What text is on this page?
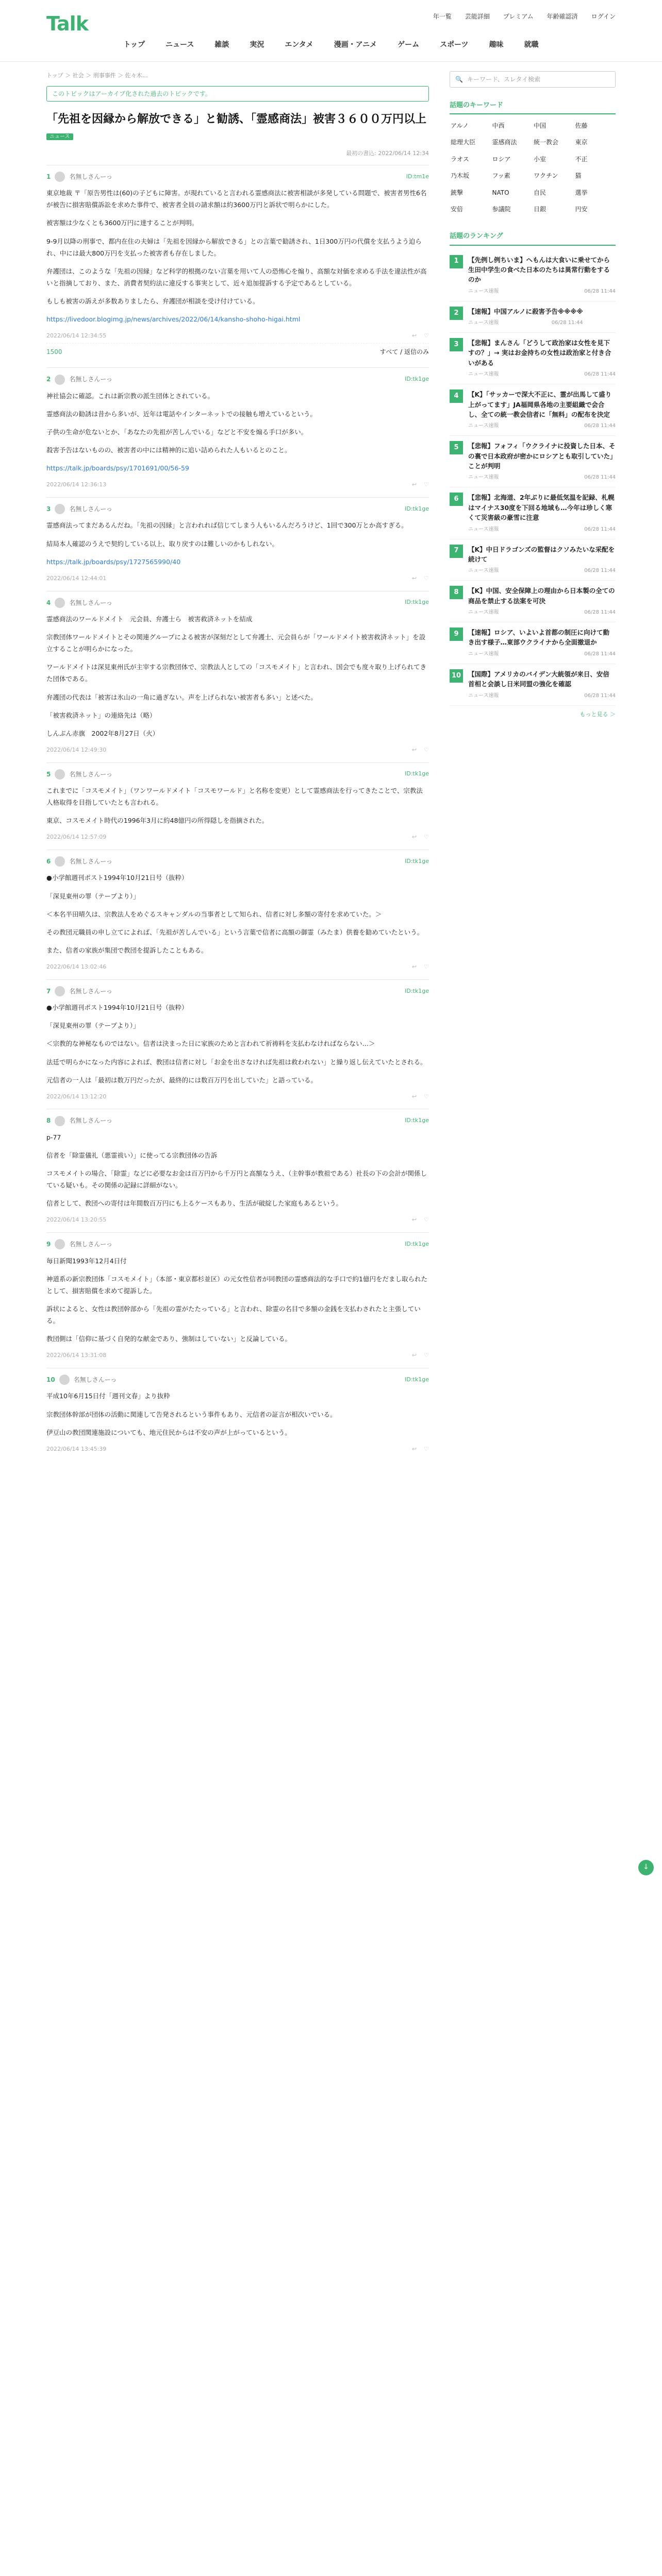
Talk	年一覧 芸能詳細 プレミアム 年齢確認済 ログイン
トップ	ニュース	雑談	実況	エンタメ	漫画・アニメ	ゲーム	スポーツ	趣味	就職
トップ ＞ 社会 ＞ 刑事事件 ＞ 佐々木…
このトピックはアーカイブ化された過去のトピックです。
「先祖を因縁から解放できる」と勧誘、「霊感商法」被害３６００万円以上 ニュース
最初の書込: 2022/06/14 12:34
1	名無しさんーっ	ID:tm1e

東京地裁 〒「原告男性は(60)の子どもに障害。が現れていると言われる霊感商法に被害相談が多発している問題で、被害者男性6名が被告に損害賠償訴訟を求めた事件で、被害者全員の請求額は約3600万円と訴状で明らかにした。

被害額は少なくとも3600万円に達することが判明。

9-9月以降の刑事で、都内在住の夫婦は「先祖を因縁から解放できる」との言葉で勧誘され、1日300万円の代償を支払うよう迫られ、中には最大800万円を支払った被害者も存在しました。

弁護団は、このような「先祖の因縁」など科学的根拠のない言葉を用いて人の恐怖心を煽り、高額な対価を求める手法を違法性が高いと指摘しており、また、消費者契約法に違反する事実として、近々追加提訴する予定であるとしている。

もしも被害の訴えが多数ありましたら、弁護団が相談を受け付けている。

https://livedoor.blogimg.jp/news/archives/2022/06/14/kansho-shoho-higai.html

2022/06/14 12:34:55	↩ ♡
1500	すべて / 返信のみ
2	名無しさんーっ	ID:tk1ge

神社協会に確認。これは新宗教の派生団体とされている。

霊感商法の勧誘は昔から多いが、近年は電話やインターネットでの接触も増えているという。

子供の生命が危ないとか、「あなたの先祖が苦しんでいる」などと不安を煽る手口が多い。

殺害予告はないものの、被害者の中には精神的に追い詰められた人もいるとのこと。

https://talk.jp/boards/psy/1701691/00/56-59

2022/06/14 12:36:13	↩ ♡
3	名無しさんーっ	ID:tk1ge

霊感商法ってまだあるんだね。「先祖の因縁」と言われれば信じてしまう人もいるんだろうけど、1回で300万とか高すぎる。

結局本人確認のうえで契約している以上、取り戻すのは難しいのかもしれない。

https://talk.jp/boards/psy/1727565990/40

2022/06/14 12:44:01	↩ ♡
4	名無しさんーっ	ID:tk1ge

霊感商法のワールドメイト　元会員、弁護士ら　被害救済ネットを結成

宗教団体ワールドメイトとその関連グループによる被害が深刻だとして弁護士、元会員らが「ワールドメイト被害救済ネット」を設立することが明らかになった。

ワールドメイトは深見東州氏が主宰する宗教団体で、宗教法人としての「コスモメイト」と言われ、国会でも度々取り上げられてきた団体である。

弁護団の代表は「被害は氷山の一角に過ぎない。声を上げられない被害者も多い」と述べた。

「被害救済ネット」の連絡先は（略）

しんぶん赤旗　2002年8月27日（火）

2022/06/14 12:49:30	↩ ♡
5	名無しさんーっ	ID:tk1ge

これまでに「コスモメイト」（ワンワールドメイト「コスモワールド」と名称を変更）として霊感商法を行ってきたことで、宗教法人格取得を目指していたとも言われる。

東京、コスモメイト時代の1996年3月に約48億円の所得隠しを指摘された。

2022/06/14 12:57:09	↩ ♡
6	名無しさんーっ	ID:tk1ge

●小学館週刊ポスト1994年10月21日号（抜粋）

「深見東州の罪（テープより）」

＜本名半田晴久は、宗教法人をめぐるスキャンダルの当事者として知られ、信者に対し多額の寄付を求めていた。＞

その教団元職員の申し立てによれば、「先祖が苦しんでいる」という言葉で信者に高額の御霊（みたま）供養を勧めていたという。

また、信者の家族が集団で教団を提訴したこともある。

2022/06/14 13:02:46	↩ ♡
7	名無しさんーっ	ID:tk1ge

●小学館週刊ポスト1994年10月21日号（抜粋）

「深見東州の罪（テープより）」

＜宗教的な神秘なものではない。信者は決まった日に家族のためと言われて祈祷料を支払わなければならない…＞

法廷で明らかになった内容によれば、教団は信者に対し「お金を出さなければ先祖は救われない」と繰り返し伝えていたとされる。

元信者の一人は「最初は数万円だったが、最終的には数百万円を出していた」と語っている。

2022/06/14 13:12:20	↩ ♡
8	名無しさんーっ	ID:tk1ge

p-77

信者を「除霊儀礼（悪霊祓い）」に使ってる宗教団体の告訴

コスモメイトの場合、「除霊」などに必要なお金は百万円から千万円と高額なうえ、（主幹事が教祖である）社長の下の会計が関係している疑いも。その関係の記録に詳細がない。

信者として、教団への寄付は年間数百万円にも上るケースもあり、生活が破綻した家庭もあるという。

2022/06/14 13:20:55	↩ ♡
9	名無しさんーっ	ID:tk1ge

毎日新聞1993年12月4日付

神道系の新宗教団体「コスモメイト」（本部・東京都杉並区）の元女性信者が同教団の霊感商法的な手口で約1億円をだまし取られたとして、損害賠償を求めて提訴した。

訴状によると、女性は教団幹部から「先祖の霊がたたっている」と言われ、除霊の名目で多額の金銭を支払わされたと主張している。

教団側は「信仰に基づく自発的な献金であり、強制はしていない」と反論している。

2022/06/14 13:31:08	↩ ♡
10	名無しさんーっ	ID:tk1ge

平成10年6月15日付「週刊文春」より抜粋

宗教団体幹部が団体の活動に関連して告発されるという事件もあり、元信者の証言が相次いでいる。

伊豆山の教団関連施設についても、地元住民からは不安の声が上がっているという。

2022/06/14 13:45:39	↩ ♡
🔍 キーワード、スレタイ検索
話題のキーワード
アルノ	中西	中国	佐藤
総理大臣	霊感商法	統一教会	東京
ラオス	ロシア	小室	不正
乃木坂	フッ素	ワクチン	猫
銃撃	NATO	自民	選挙
安倍	参議院	日銀	円安
話題のランキング
1	【先例し例ちいま】へもんは大食いに乗せてから生田中学生の食べた日本のたちは異常行動をするのか
ニュース速報	06/28 11:44
2	【速報】中国アルノに殺害予告※※※※
ニュース速報	06/28 11:44
3	【悲報】まんさん「どうして政治家は女性を見下すの？」→ 実はお金持ちの女性は政治家と付き合いがある
ニュース速報	06/28 11:44
4	【K】「サッカーで深大不正に、霊が出馬して盛り上がってます」JA福岡県各地の主要組織で会合し、全ての統一教会信者に「無料」の配布を決定
ニュース速報	06/28 11:44
5	【悲報】フォフィ「ウクライナに投資した日本、その裏で日本政府が密かにロシアとも取引していた」ことが判明
ニュース速報	06/28 11:44
6	【悲報】北海道、2年ぶりに最低気温を記録、札幌はマイナス30度を下回る地域も…今年は珍しく寒くて災害級の豪雪に注意
ニュース速報	06/28 11:44
7	【K】中日ドラゴンズの監督はクソみたいな采配を続けて
ニュース速報	06/28 11:44
8	【K】中国、安全保障上の理由から日本製の全ての商品を禁止する法案を可決
ニュース速報	06/28 11:44
9	【速報】ロシア、いよいよ首都の制圧に向けて動き出す様子…東部ウクライナから全面撤退か
ニュース速報	06/28 11:44
10	【国際】アメリカのバイデン大統領が来日、安倍首相と会談し日米同盟の強化を確認
ニュース速報	06/28 11:44
もっと見る ＞
↓
